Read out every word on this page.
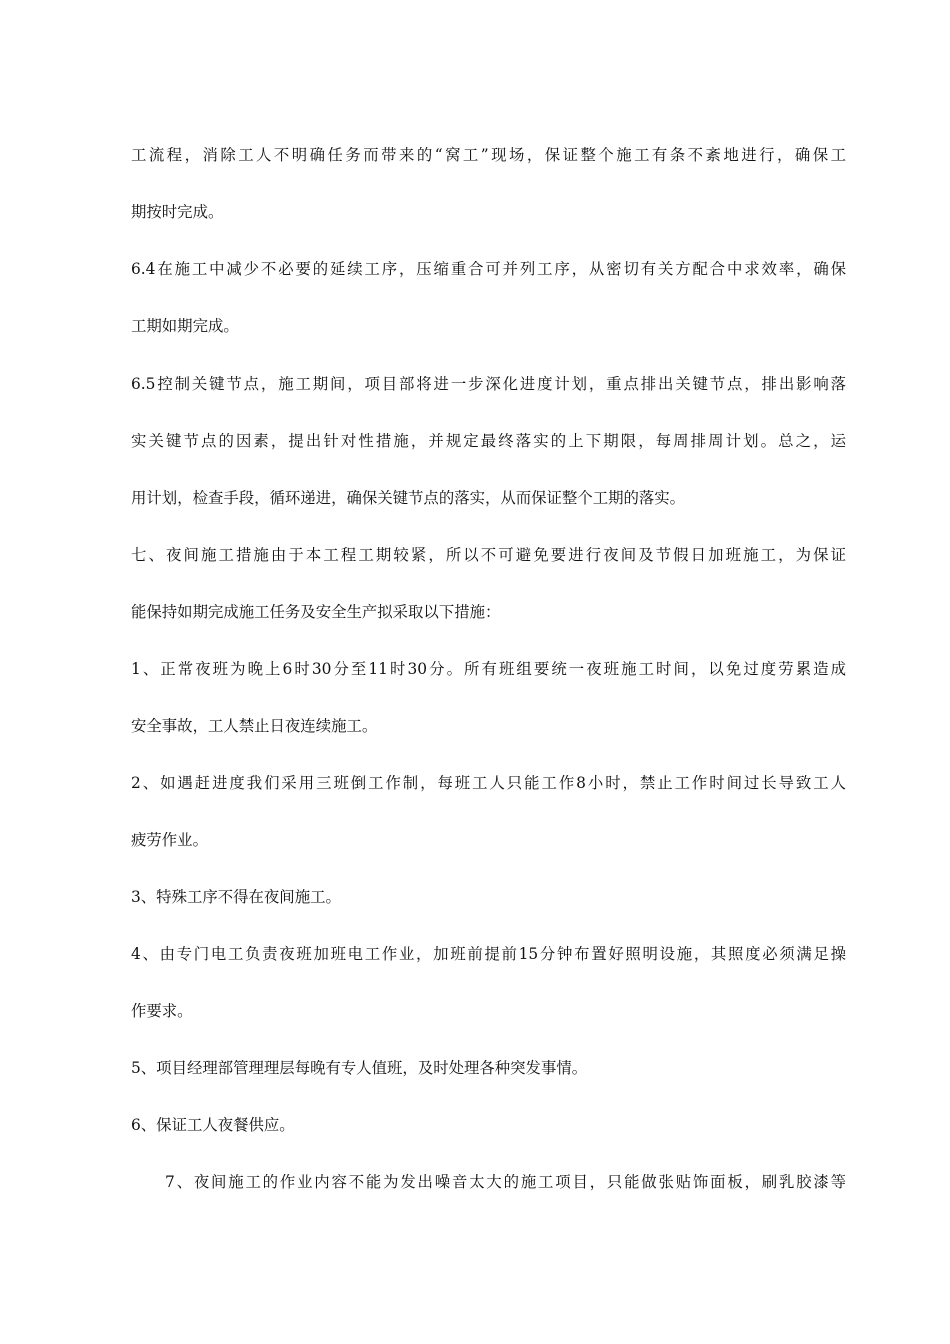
工流程，消除工人不明确任务而带来的“窝工”现场，保证整个施工有条不紊地进行，确保工
期按时完成。
6.4在施工中减少不必要的延续工序，压缩重合可并列工序，从密切有关方配合中求效率，确保
工期如期完成。
6.5控制关键节点，施工期间，项目部将进一步深化进度计划，重点排出关键节点，排出影响落
实关键节点的因素，提出针对性措施，并规定最终落实的上下期限，每周排周计划。总之，运
用计划，检查手段，循环递进，确保关键节点的落实，从而保证整个工期的落实。
七、夜间施工措施由于本工程工期较紧，所以不可避免要进行夜间及节假日加班施工，为保证
能保持如期完成施工任务及安全生产拟采取以下措施：
1、正常夜班为晚上6时30分至11时30分。所有班组要统一夜班施工时间，以免过度劳累造成
安全事故，工人禁止日夜连续施工。
2、如遇赶进度我们采用三班倒工作制，每班工人只能工作8小时，禁止工作时间过长导致工人
疲劳作业。
3、特殊工序不得在夜间施工。
4、由专门电工负责夜班加班电工作业，加班前提前15分钟布置好照明设施，其照度必须满足操
作要求。
5、项目经理部管理理层每晚有专人值班，及时处理各种突发事情。
6、保证工人夜餐供应。
7、夜间施工的作业内容不能为发出噪音太大的施工项目，只能做张贴饰面板，刷乳胶漆等
